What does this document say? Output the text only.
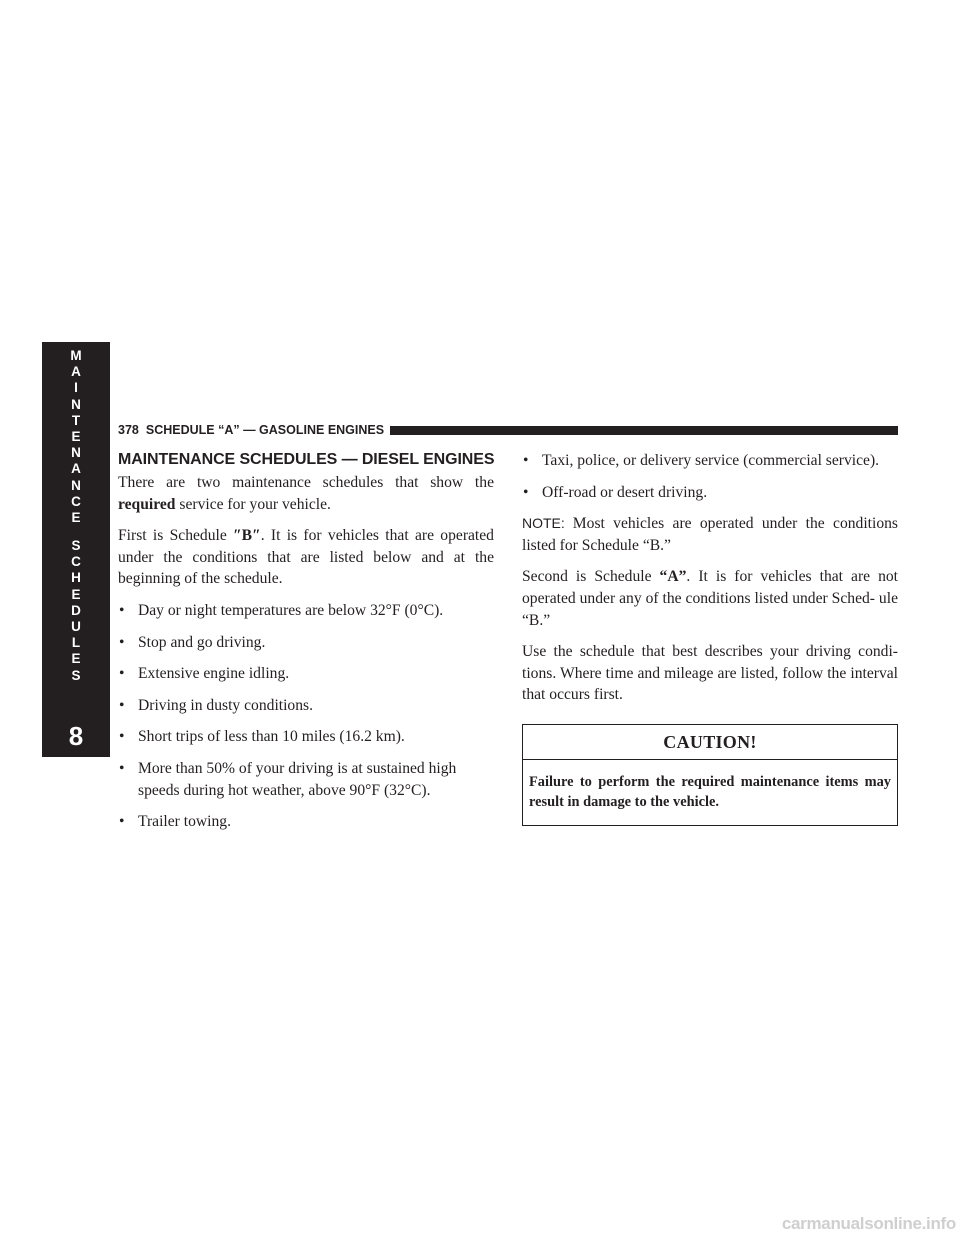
M
A
I
N
T
E
N
A
N
C
E
S
C
H
E
D
U
L
E
S
8
378 SCHEDULE “A” — GASOLINE ENGINES
MAINTENANCE SCHEDULES — DIESEL ENGINES

There are two maintenance schedules that show the required service for your vehicle.

First is Schedule ″B″. It is for vehicles that are operated under the conditions that are listed below and at the beginning of the schedule.

• Day or night temperatures are below 32°F (0°C).
• Stop and go driving.
• Extensive engine idling.
• Driving in dusty conditions.
• Short trips of less than 10 miles (16.2 km).
• More than 50% of your driving is at sustained high speeds during hot weather, above 90°F (32°C).
• Trailer towing.
• Taxi, police, or delivery service (commercial service).
• Off-road or desert driving.

NOTE: Most vehicles are operated under the conditions listed for Schedule “B.”

Second is Schedule “A”. It is for vehicles that are not operated under any of the conditions listed under Sched- ule “B.”

Use the schedule that best describes your driving condi- tions. Where time and mileage are listed, follow the interval that occurs first.

CAUTION!
Failure to perform the required maintenance items may result in damage to the vehicle.
carmanualsonline.info
